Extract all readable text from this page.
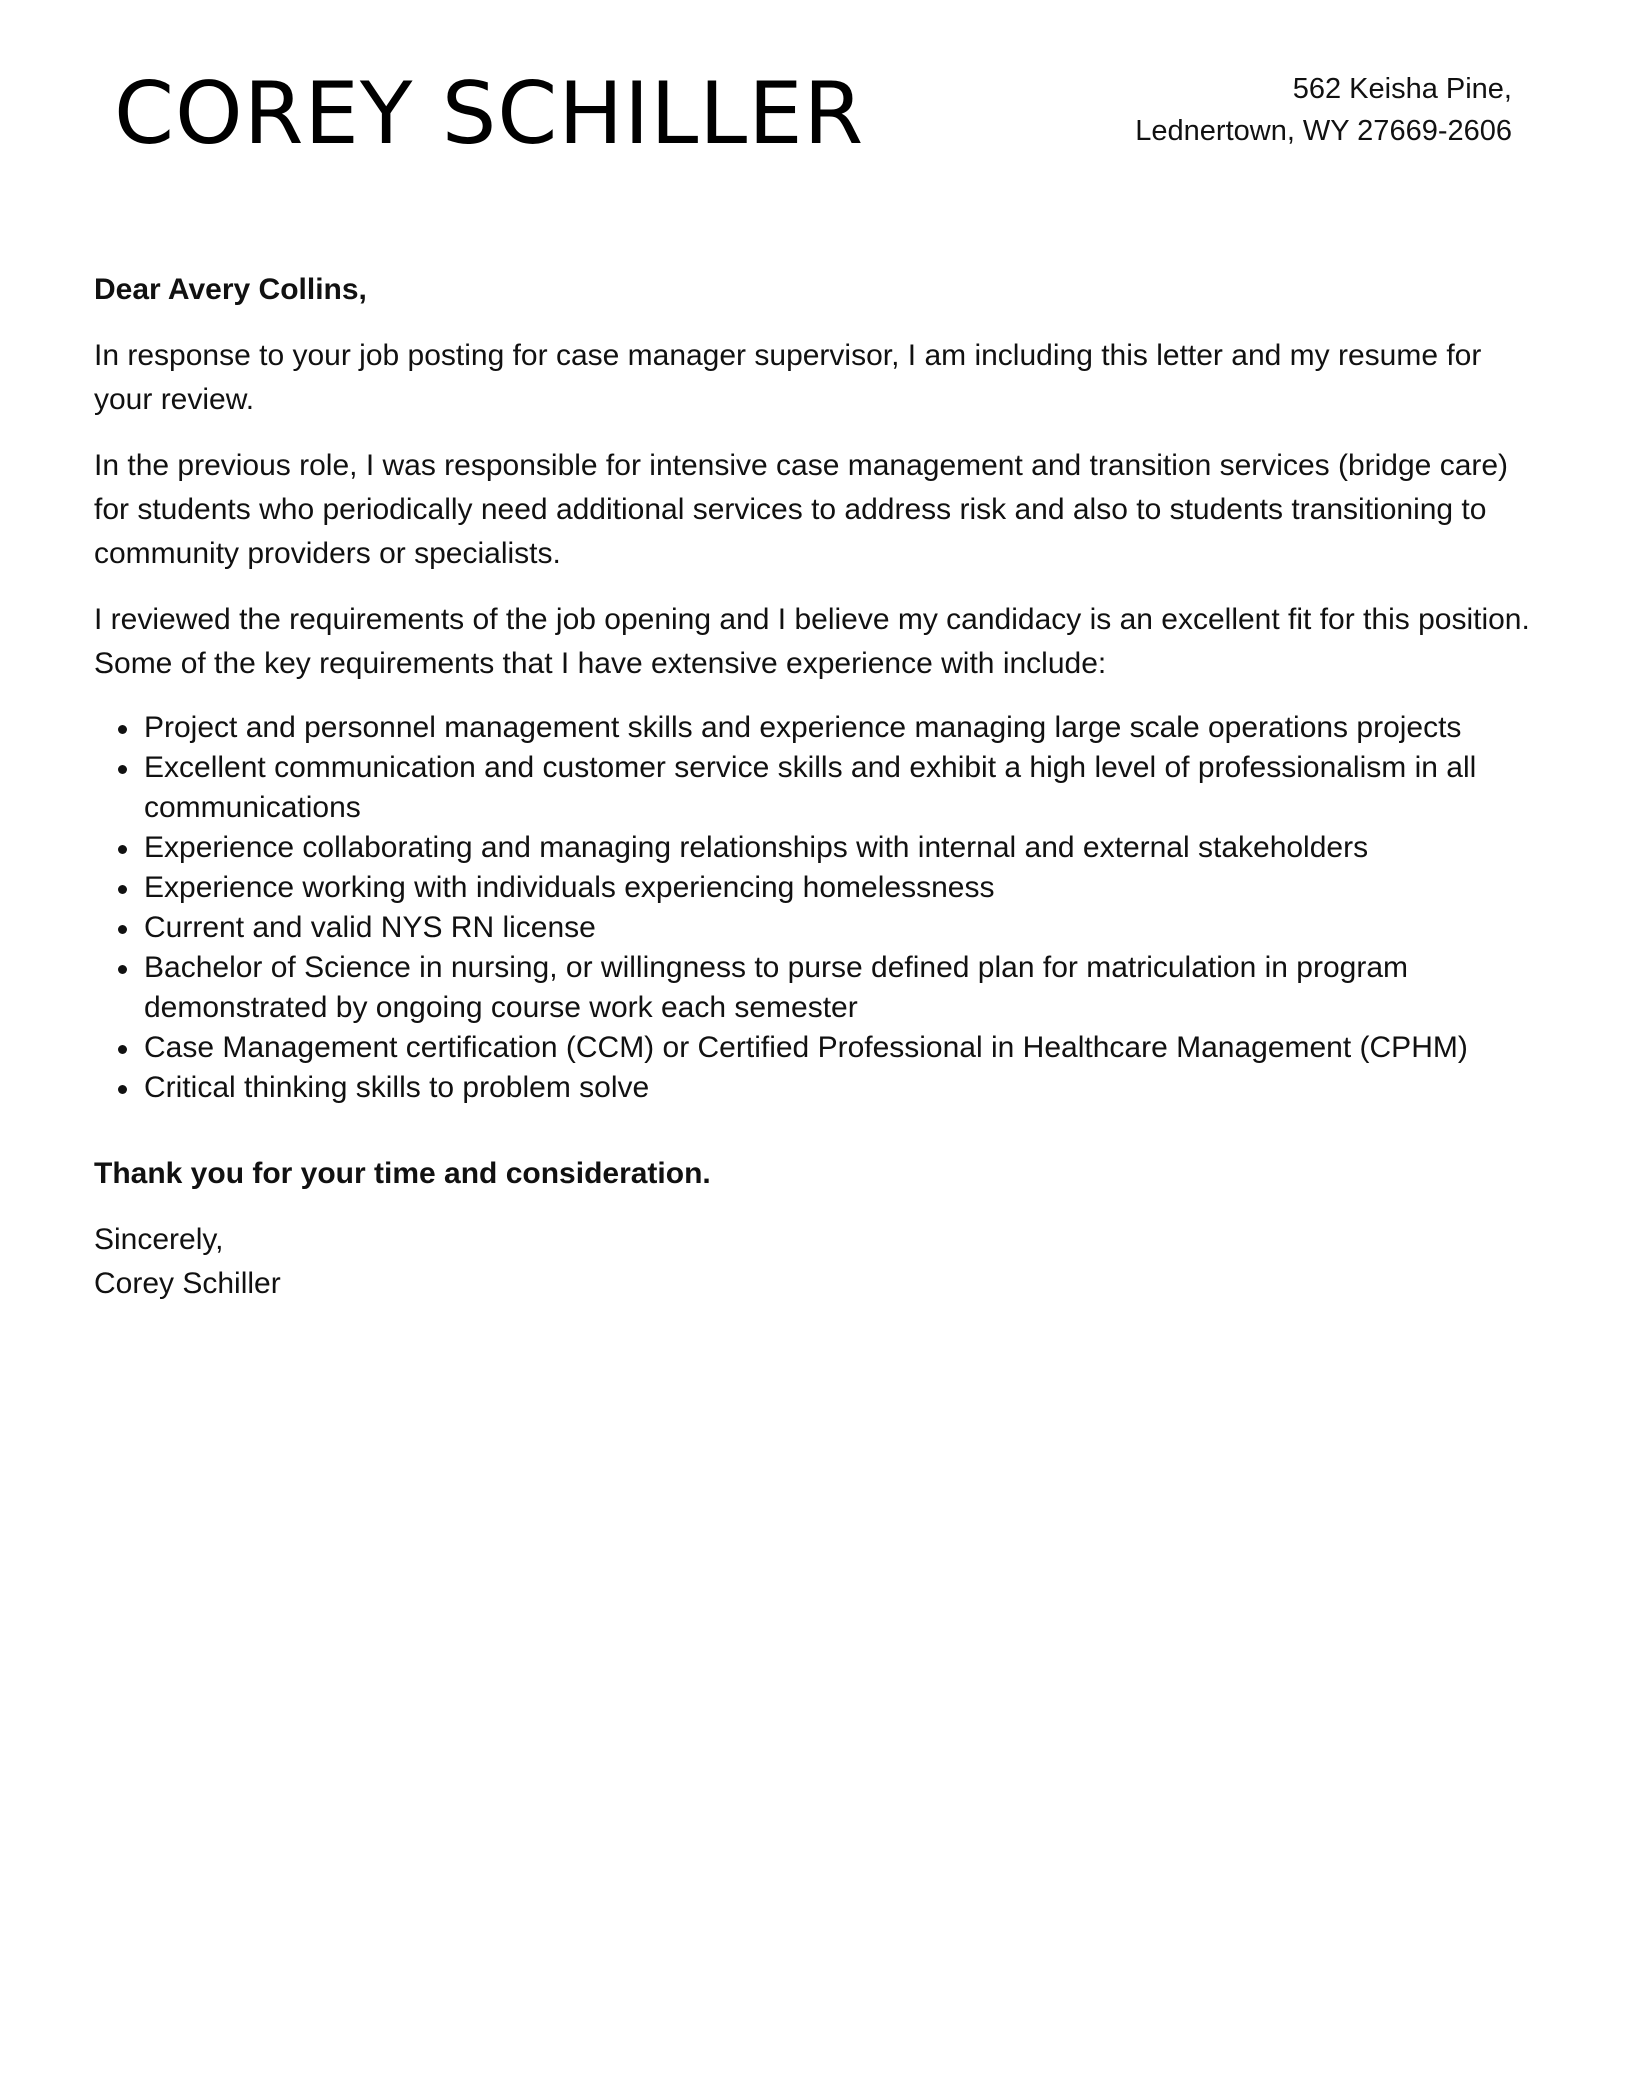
COREY SCHILLER	562 Keisha Pine,
Lednertown, WY 27669-2606

Dear Avery Collins,

In response to your job posting for case manager supervisor, I am including this letter and my resume for your review.

In the previous role, I was responsible for intensive case management and transition services (bridge care) for students who periodically need additional services to address risk and also to students transitioning to community providers or specialists.

I reviewed the requirements of the job opening and I believe my candidacy is an excellent fit for this position. Some of the key requirements that I have extensive experience with include:

Project and personnel management skills and experience managing large scale operations projects
Excellent communication and customer service skills and exhibit a high level of professionalism in all communications
Experience collaborating and managing relationships with internal and external stakeholders
Experience working with individuals experiencing homelessness
Current and valid NYS RN license
Bachelor of Science in nursing, or willingness to purse defined plan for matriculation in program demonstrated by ongoing course work each semester
Case Management certification (CCM) or Certified Professional in Healthcare Management (CPHM)
Critical thinking skills to problem solve

Thank you for your time and consideration.

Sincerely,

Corey Schiller
